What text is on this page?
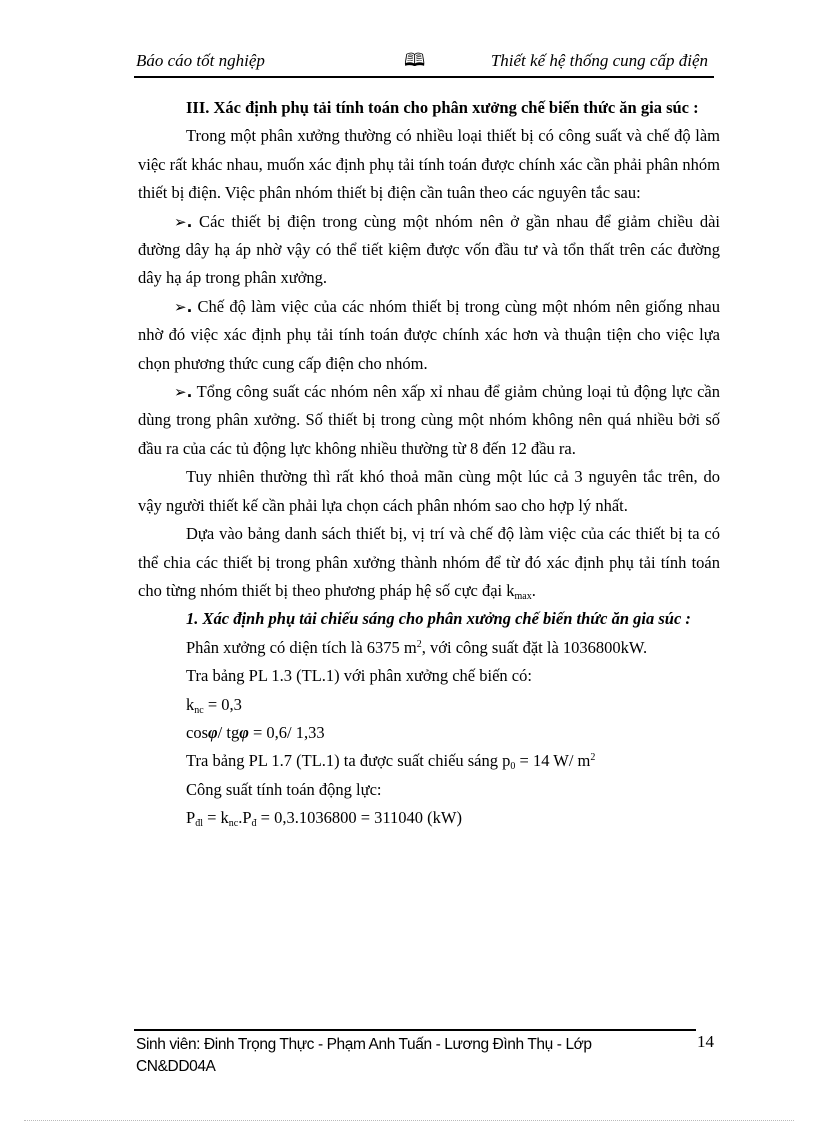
Báo cáo tốt nghiệp	🕮	Thiết kế hệ thống cung cấp điện

III. Xác định phụ tải tính toán cho phân xưởng chế biến thức ăn gia súc :

Trong một phân xưởng thường có nhiều loại thiết bị có công suất và chế độ làm việc rất khác nhau, muốn xác định phụ tải tính toán được chính xác cần phải phân nhóm thiết bị điện. Việc phân nhóm thiết bị điện cần tuân theo các nguyên tắc sau:

➢. Các thiết bị điện trong cùng một nhóm nên ở gần nhau để giảm chiều dài đường dây hạ áp nhờ vậy có thể tiết kiệm được vốn đầu tư và tổn thất trên các đường dây hạ áp trong phân xưởng.

➢. Chế độ làm việc của các nhóm thiết bị trong cùng một nhóm nên giống nhau nhờ đó việc xác định phụ tải tính toán được chính xác hơn và thuận tiện cho việc lựa chọn phương thức cung cấp điện cho nhóm.

➢. Tổng công suất các nhóm nên xấp xỉ nhau để giảm chủng loại tủ động lực cần dùng trong phân xưởng. Số thiết bị trong cùng một nhóm không nên quá nhiều bởi số đầu ra của các tủ động lực không nhiều thường từ 8 đến 12 đầu ra.

Tuy nhiên thường thì rất khó thoả mãn cùng một lúc cả 3 nguyên tắc trên, do vậy người thiết kế cần phải lựa chọn cách phân nhóm sao cho hợp lý nhất.

Dựa vào bảng danh sách thiết bị, vị trí và chế độ làm việc của các thiết bị ta có thể chia các thiết bị trong phân xưởng thành nhóm để từ đó xác định phụ tải tính toán cho từng nhóm thiết bị theo phương pháp hệ số cực đại $k_{max}$.

1. Xác định phụ tải chiếu sáng cho phân xưởng chế biến thức ăn gia súc :

Phân xưởng có diện tích là 6375 $m^2$, với công suất đặt là 1036800kW.

Tra bảng PL 1.3 (TL.1) với phân xưởng chế biến có:

$k_{nc} = 0,3$

cosφ/ tgφ = 0,6/ 1,33

Tra bảng PL 1.7 (TL.1) ta được suất chiếu sáng $p_0 = 14$ W/ $m^2$

Công suất tính toán động lực:

$P_{đl} = k_{nc}.P_đ = 0,3.1036800 = 311040$ (kW)

Sinh viên: Đinh Trọng Thực - Phạm Anh Tuấn - Lương Đình Thụ - Lớp CN&DD04A
14
